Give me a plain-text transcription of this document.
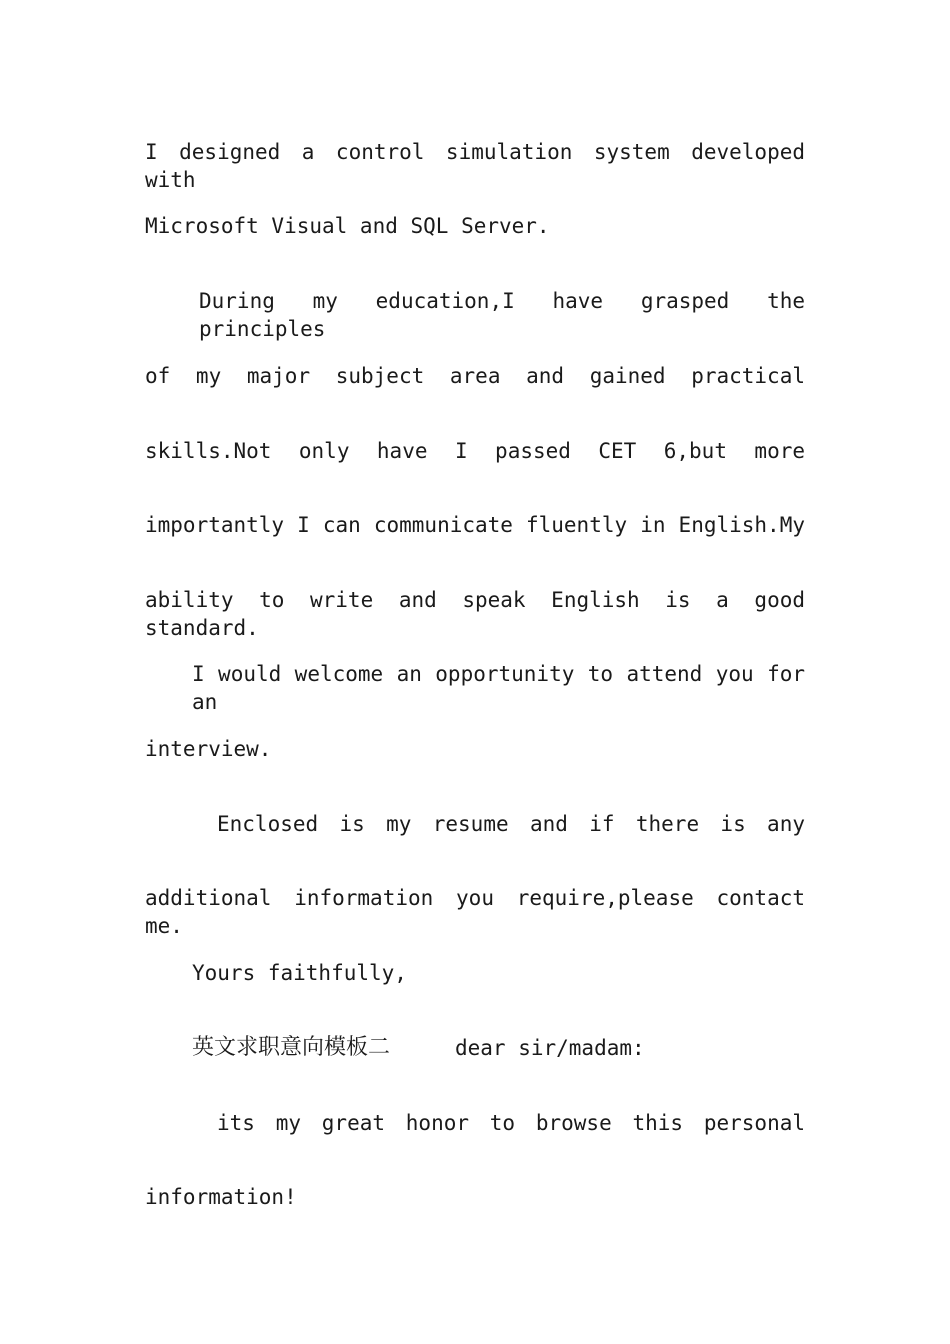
I designed a control simulation system developed with

Microsoft Visual and SQL Server.

During my education,I have grasped the principles

of my major subject area and gained practical

skills.Not only have I passed CET 6,but more

importantly I can communicate fluently in English.My

ability to write and speak English is a good standard.

I would welcome an opportunity to attend you for an

interview.

Enclosed is my resume and if there is any

additional information you require,please contact me.

Yours faithfully,

英文求职意向模板二	dear sir/madam:

its my great honor to browse this personal

information!
